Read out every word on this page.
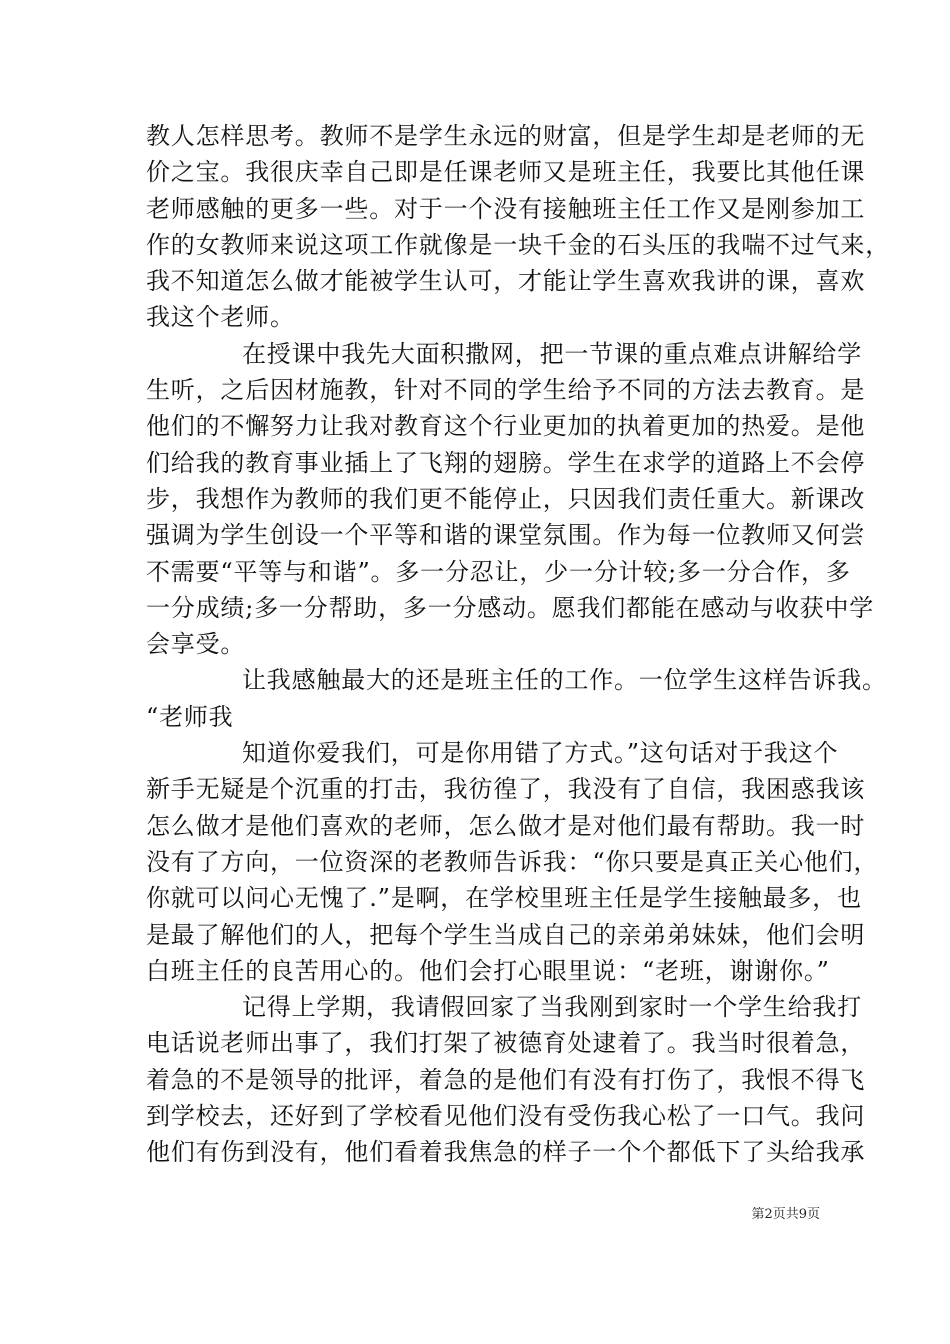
教人怎样思考。教师不是学生永远的财富，但是学生却是老师的无
价之宝。我很庆幸自己即是任课老师又是班主任，我要比其他任课
老师感触的更多一些。对于一个没有接触班主任工作又是刚参加工
作的女教师来说这项工作就像是一块千金的石头压的我喘不过气来，
我不知道怎么做才能被学生认可，才能让学生喜欢我讲的课，喜欢
我这个老师。
在授课中我先大面积撒网，把一节课的重点难点讲解给学
生听，之后因材施教，针对不同的学生给予不同的方法去教育。是
他们的不懈努力让我对教育这个行业更加的执着更加的热爱。是他
们给我的教育事业插上了飞翔的翅膀。学生在求学的道路上不会停
步，我想作为教师的我们更不能停止，只因我们责任重大。新课改
强调为学生创设一个平等和谐的课堂氛围。作为每一位教师又何尝
不需要“平等与和谐”。多一分忍让，少一分计较;多一分合作，多
一分成绩;多一分帮助，多一分感动。愿我们都能在感动与收获中学
会享受。
让我感触最大的还是班主任的工作。一位学生这样告诉我。
“老师我
知道你爱我们，可是你用错了方式。”这句话对于我这个
新手无疑是个沉重的打击，我彷徨了，我没有了自信，我困惑我该
怎么做才是他们喜欢的老师，怎么做才是对他们最有帮助。我一时
没有了方向，一位资深的老教师告诉我：“你只要是真正关心他们，
你就可以问心无愧了.”是啊，在学校里班主任是学生接触最多，也
是最了解他们的人，把每个学生当成自己的亲弟弟妹妹，他们会明
白班主任的良苦用心的。他们会打心眼里说：“老班，谢谢你。”
记得上学期，我请假回家了当我刚到家时一个学生给我打
电话说老师出事了，我们打架了被德育处逮着了。我当时很着急，
着急的不是领导的批评，着急的是他们有没有打伤了，我恨不得飞
到学校去，还好到了学校看见他们没有受伤我心松了一口气。我问
他们有伤到没有，他们看着我焦急的样子一个个都低下了头给我承
第2页共9页
